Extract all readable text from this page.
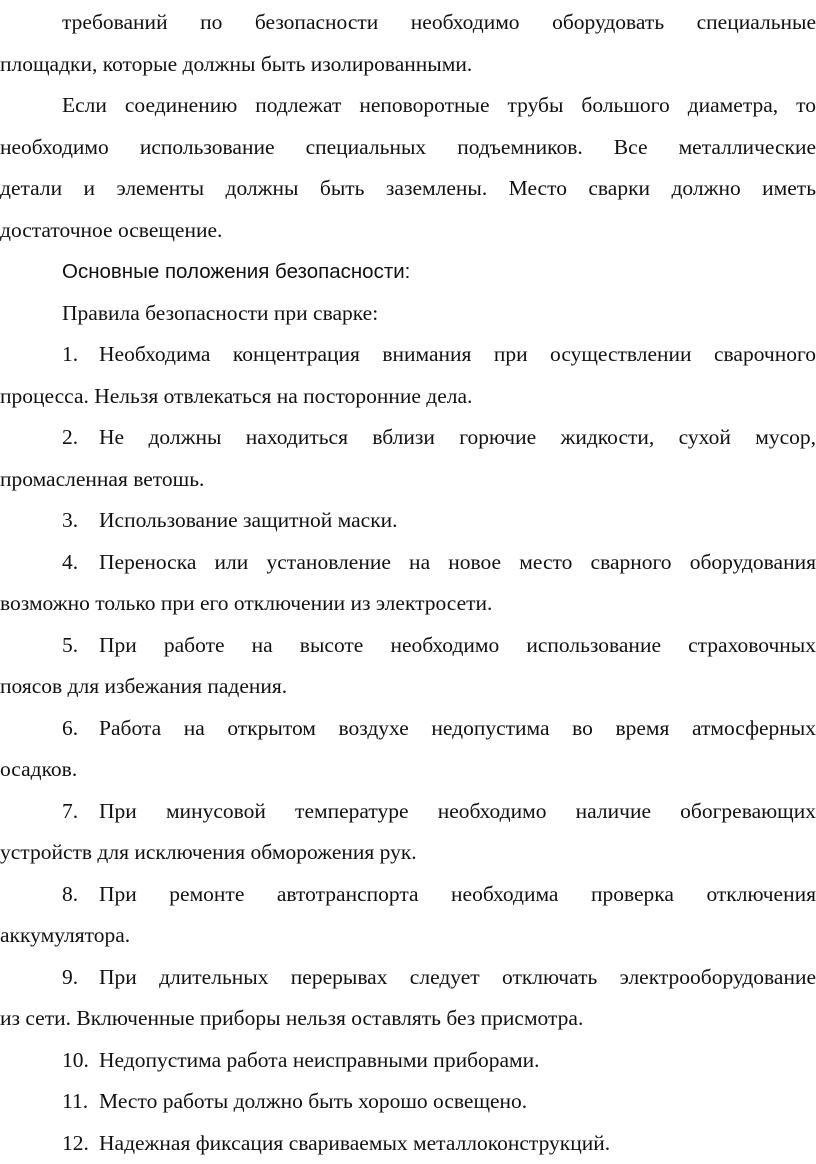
требований по безопасности необходимо оборудовать специальные
площадки, которые должны быть изолированными.
Если соединению подлежат неповоротные трубы большого диаметра, то
необходимо использование специальных подъемников. Все металлические
детали и элементы должны быть заземлены. Место сварки должно иметь
достаточное освещение.
Основные положения безопасности:
Правила безопасности при сварке:
1. Необходима концентрация внимания при осуществлении сварочного
процесса. Нельзя отвлекаться на посторонние дела.
2. Не должны находиться вблизи горючие жидкости, сухой мусор,
промасленная ветошь.
3. Использование защитной маски.
4. Переноска или установление на новое место сварного оборудования
возможно только при его отключении из электросети.
5. При работе на высоте необходимо использование страховочных
поясов для избежания падения.
6. Работа на открытом воздухе недопустима во время атмосферных
осадков.
7. При минусовой температуре необходимо наличие обогревающих
устройств для исключения обморожения рук.
8. При ремонте автотранспорта необходима проверка отключения
аккумулятора.
9. При длительных перерывах следует отключать электрооборудование
из сети. Включенные приборы нельзя оставлять без присмотра.
10. Недопустима работа неисправными приборами.
11. Место работы должно быть хорошо освещено.
12. Надежная фиксация свариваемых металлоконструкций.
